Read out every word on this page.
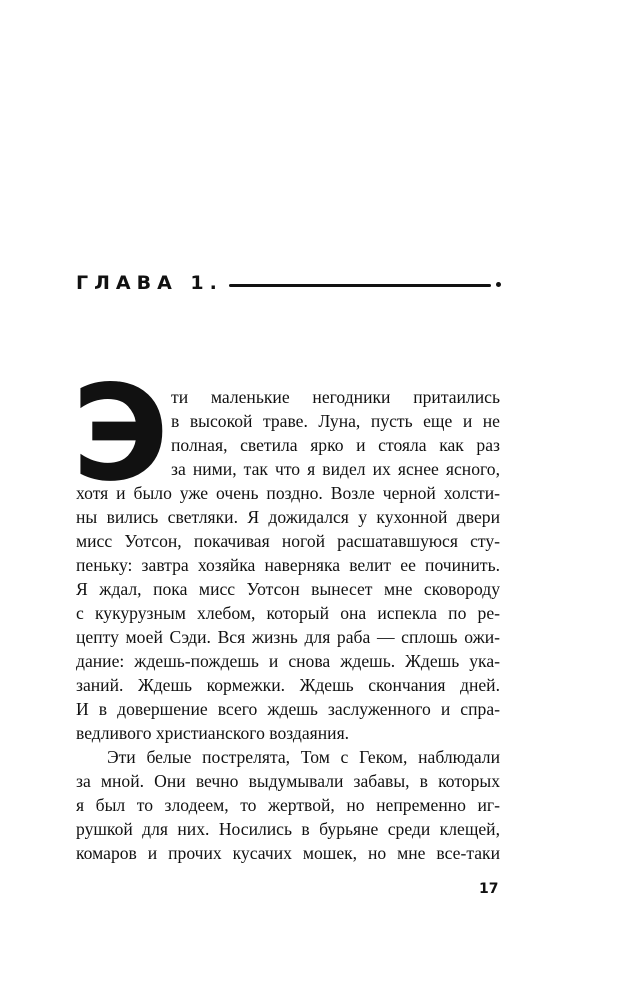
ГЛАВА 1.
Э ти маленькие негодники притаились
в высокой траве. Луна, пусть еще и не
полная, светила ярко и стояла как раз
за ними, так что я видел их яснее ясного,
хотя и было уже очень поздно. Возле черной холсти-
ны вились светляки. Я дожидался у кухонной двери
мисс Уотсон, покачивая ногой расшатавшуюся сту-
пеньку: завтра хозяйка наверняка велит ее починить.
Я ждал, пока мисс Уотсон вынесет мне сковороду
с кукурузным хлебом, который она испекла по ре-
цепту моей Сэди. Вся жизнь для раба — сплошь ожи-
дание: ждешь-пождешь и снова ждешь. Ждешь ука-
заний. Ждешь кормежки. Ждешь скончания дней.
И в довершение всего ждешь заслуженного и спра-
ведливого христианского воздаяния.
Эти белые пострелята, Том с Геком, наблюдали
за мной. Они вечно выдумывали забавы, в которых
я был то злодеем, то жертвой, но непременно иг-
рушкой для них. Носились в бурьяне среди клещей,
комаров и прочих кусачих мошек, но мне все-таки
17
